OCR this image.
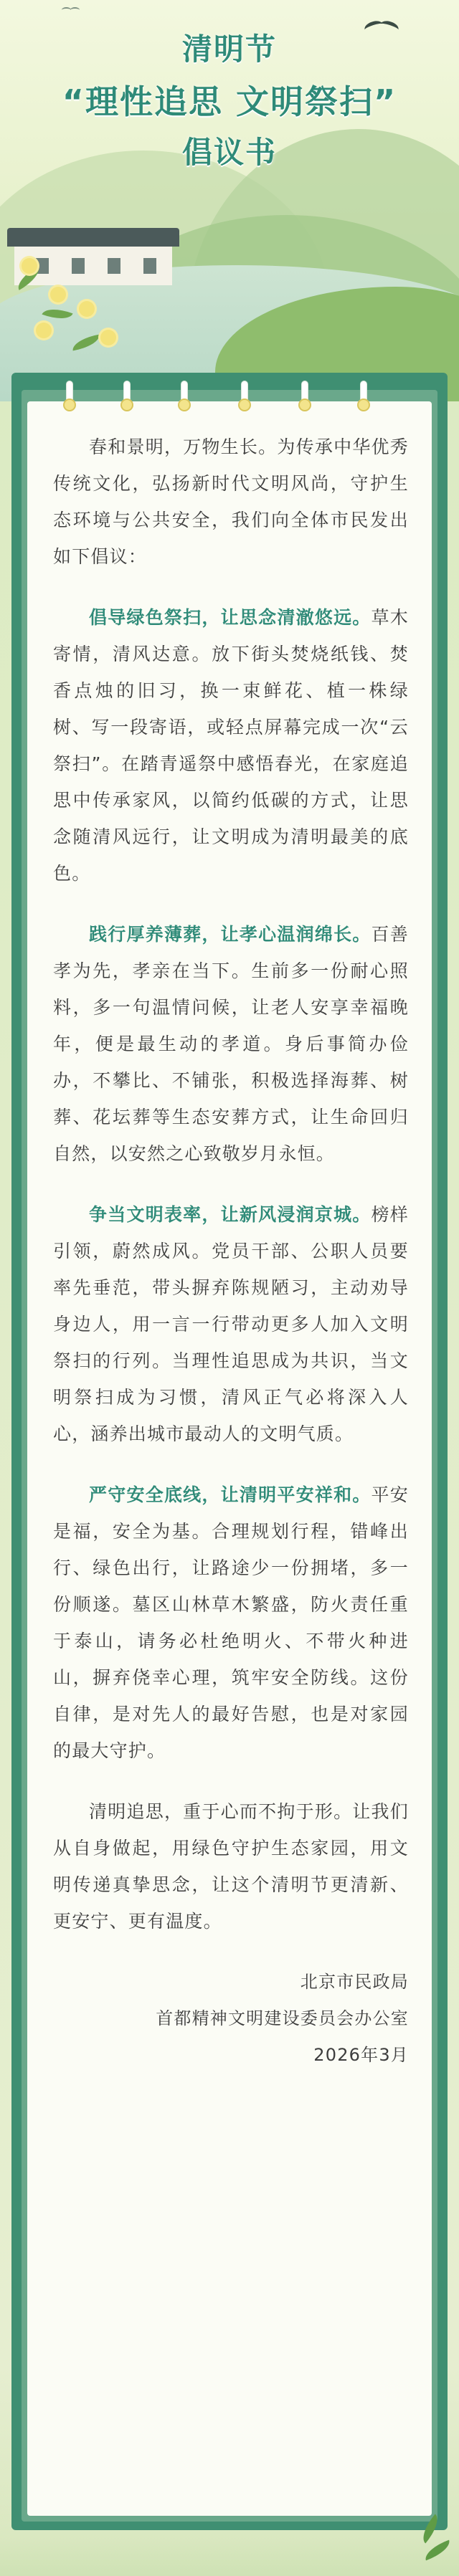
清明节
“理性追思 文明祭扫”
倡议书

春和景明，万物生长。为传承中华优秀传统文化，弘扬新时代文明风尚，守护生态环境与公共安全，我们向全体市民发出如下倡议：

倡导绿色祭扫，让思念清澈悠远。草木寄情，清风达意。放下街头焚烧纸钱、焚香点烛的旧习，换一束鲜花、植一株绿树、写一段寄语，或轻点屏幕完成一次“云祭扫”。在踏青遥祭中感悟春光，在家庭追思中传承家风，以简约低碳的方式，让思念随清风远行，让文明成为清明最美的底色。

践行厚养薄葬，让孝心温润绵长。百善孝为先，孝亲在当下。生前多一份耐心照料，多一句温情问候，让老人安享幸福晚年，便是最生动的孝道。身后事简办俭办，不攀比、不铺张，积极选择海葬、树葬、花坛葬等生态安葬方式，让生命回归自然，以安然之心致敬岁月永恒。

争当文明表率，让新风浸润京城。榜样引领，蔚然成风。党员干部、公职人员要率先垂范，带头摒弃陈规陋习，主动劝导身边人，用一言一行带动更多人加入文明祭扫的行列。当理性追思成为共识，当文明祭扫成为习惯，清风正气必将深入人心，涵养出城市最动人的文明气质。

严守安全底线，让清明平安祥和。平安是福，安全为基。合理规划行程，错峰出行、绿色出行，让路途少一份拥堵，多一份顺遂。墓区山林草木繁盛，防火责任重于泰山，请务必杜绝明火、不带火种进山，摒弃侥幸心理，筑牢安全防线。这份自律，是对先人的最好告慰，也是对家园的最大守护。

清明追思，重于心而不拘于形。让我们从自身做起，用绿色守护生态家园，用文明传递真挚思念，让这个清明节更清新、更安宁、更有温度。

北京市民政局
首都精神文明建设委员会办公室
2026年3月
